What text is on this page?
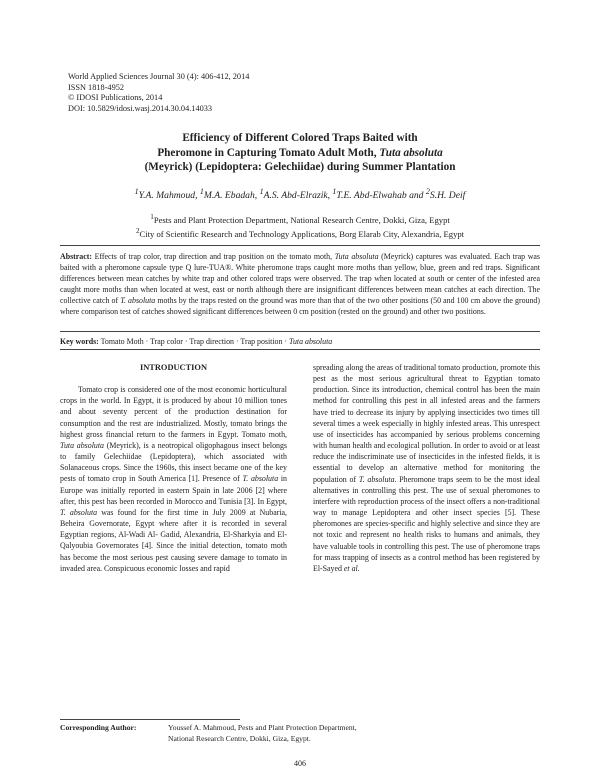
World Applied Sciences Journal 30 (4): 406-412, 2014
ISSN 1818-4952
© IDOSI Publications, 2014
DOI: 10.5829/idosi.wasj.2014.30.04.14033
Efficiency of Different Colored Traps Baited with
Pheromone in Capturing Tomato Adult Moth, Tuta absoluta
(Meyrick) (Lepidoptera: Gelechiidae) during Summer Plantation
$^1$Y.A. Mahmoud, $^1$M.A. Ebadah, $^1$A.S. Abd-Elrazik, $^1$T.E. Abd-Elwahab and $^2$S.H. Deif
$^1$Pests and Plant Protection Department, National Research Centre, Dokki, Giza, Egypt
$^2$City of Scientific Research and Technology Applications, Borg Elarab City, Alexandria, Egypt
Abstract: Effects of trap color, trap direction and trap position on the tomato moth, Tuta absoluta (Meyrick) captures was evaluated. Each trap was baited with a pheromone capsule type Q lure-TUA®. White pheromone traps caught more moths than yellow, blue, green and red traps. Significant differences between mean catches by white trap and other colored traps were observed. The trap when located at south or center of the infested area caught more moths than when located at west, east or north although there are insignificant differences between mean catches at each direction. The collective catch of T. absoluta moths by the traps rested on the ground was more than that of the two other positions (50 and 100 cm above the ground) where comparison test of catches showed significant differences between 0 cm position (rested on the ground) and other two positions.
Key words: Tomato Moth · Trap color · Trap direction · Trap position · Tuta absoluta
INTRODUCTION

Tomato crop is considered one of the most economic horticultural crops in the world. In Egypt, it is produced by about 10 million tones and about seventy percent of the production destination for consumption and the rest are industrialized. Mostly, tomato brings the highest gross financial return to the farmers in Egypt. Tomato moth, Tuta absoluta (Meyrick), is a neotropical oligophagous insect belongs to family Gelechiidae (Lepidoptera), which associated with Solanaceous crops. Since the 1960s, this insect became one of the key pests of tomato crop in South America [1]. Presence of T. absoluta in Europe was initially reported in eastern Spain in late 2006 [2] where after, this pest has been recorded in Morocco and Tunisia [3]. In Egypt, T. absoluta was found for the first time in July 2009 at Nubaria, Beheira Governorate, Egypt where after it is recorded in several Egyptian regions, Al-Wadi Al- Gadid, Alexandria, El-Sharkyia and El- Qalyoubia Governorates [4]. Since the initial detection, tomato moth has become the most serious pest causing severe damage to tomato in invaded area. Conspicuous economic losses and rapid

spreading along the areas of traditional tomato production, promote this pest as the most serious agricultural threat to Egyptian tomato production. Since its introduction, chemical control has been the main method for controlling this pest in all infested areas and the farmers have tried to decrease its injury by applying insecticides two times till several times a week especially in highly infested areas. This unrespect use of insecticides has accompanied by serious problems concerning with human health and ecological pollution. In order to avoid or at least reduce the indiscriminate use of insecticides in the infested fields, it is essential to develop an alternative method for monitoring the population of T. absoluta. Pheromone traps seem to be the most ideal alternatives in controlling this pest. The use of sexual pheromones to interfere with reproduction process of the insect offers a non-traditional way to manage Lepidoptera and other insect species [5]. These pheromones are species-specific and highly selective and since they are not toxic and represent no health risks to humans and animals, they have valuable tools in controlling this pest. The use of pheromone traps for mass trapping of insects as a control method has been registered by El-Sayed et al.

Corresponding Author:	Youssef A. Mahmoud, Pests and Plant Protection Department,
National Research Centre, Dokki, Giza, Egypt.
406
